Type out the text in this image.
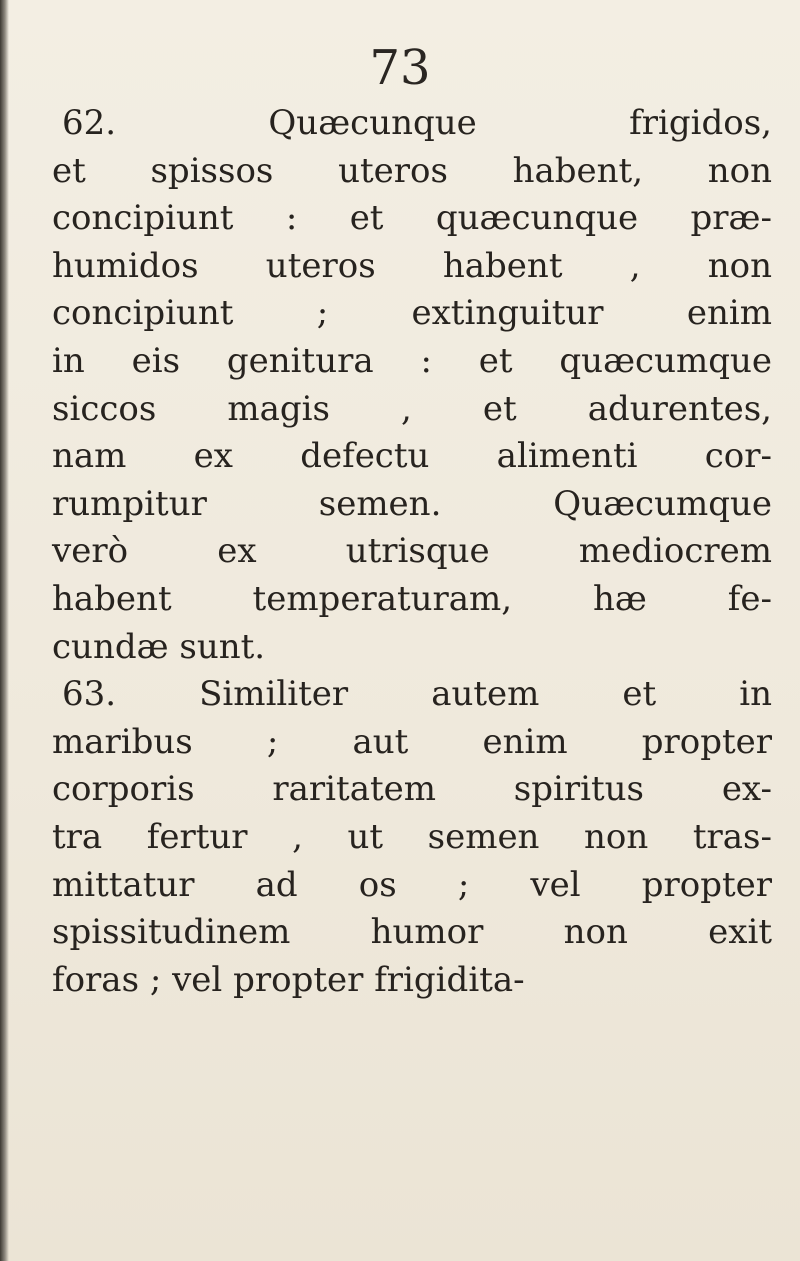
73
62. Quæcunque frigidos,
et spissos uteros habent, non
concipiunt : et quæcunque præ-
humidos uteros habent , non
concipiunt ; extinguitur enim
in eis genitura : et quæcumque
siccos magis , et adurentes,
nam ex defectu alimenti cor-
rumpitur semen. Quæcumque
verò ex utrisque mediocrem
habent temperaturam, hæ fe-
cundæ sunt.
63. Similiter autem et in
maribus ; aut enim propter
corporis raritatem spiritus ex-
tra fertur , ut semen non tras-
mittatur ad os ; vel propter
spissitudinem humor non exit
foras ; vel propter frigidita-
